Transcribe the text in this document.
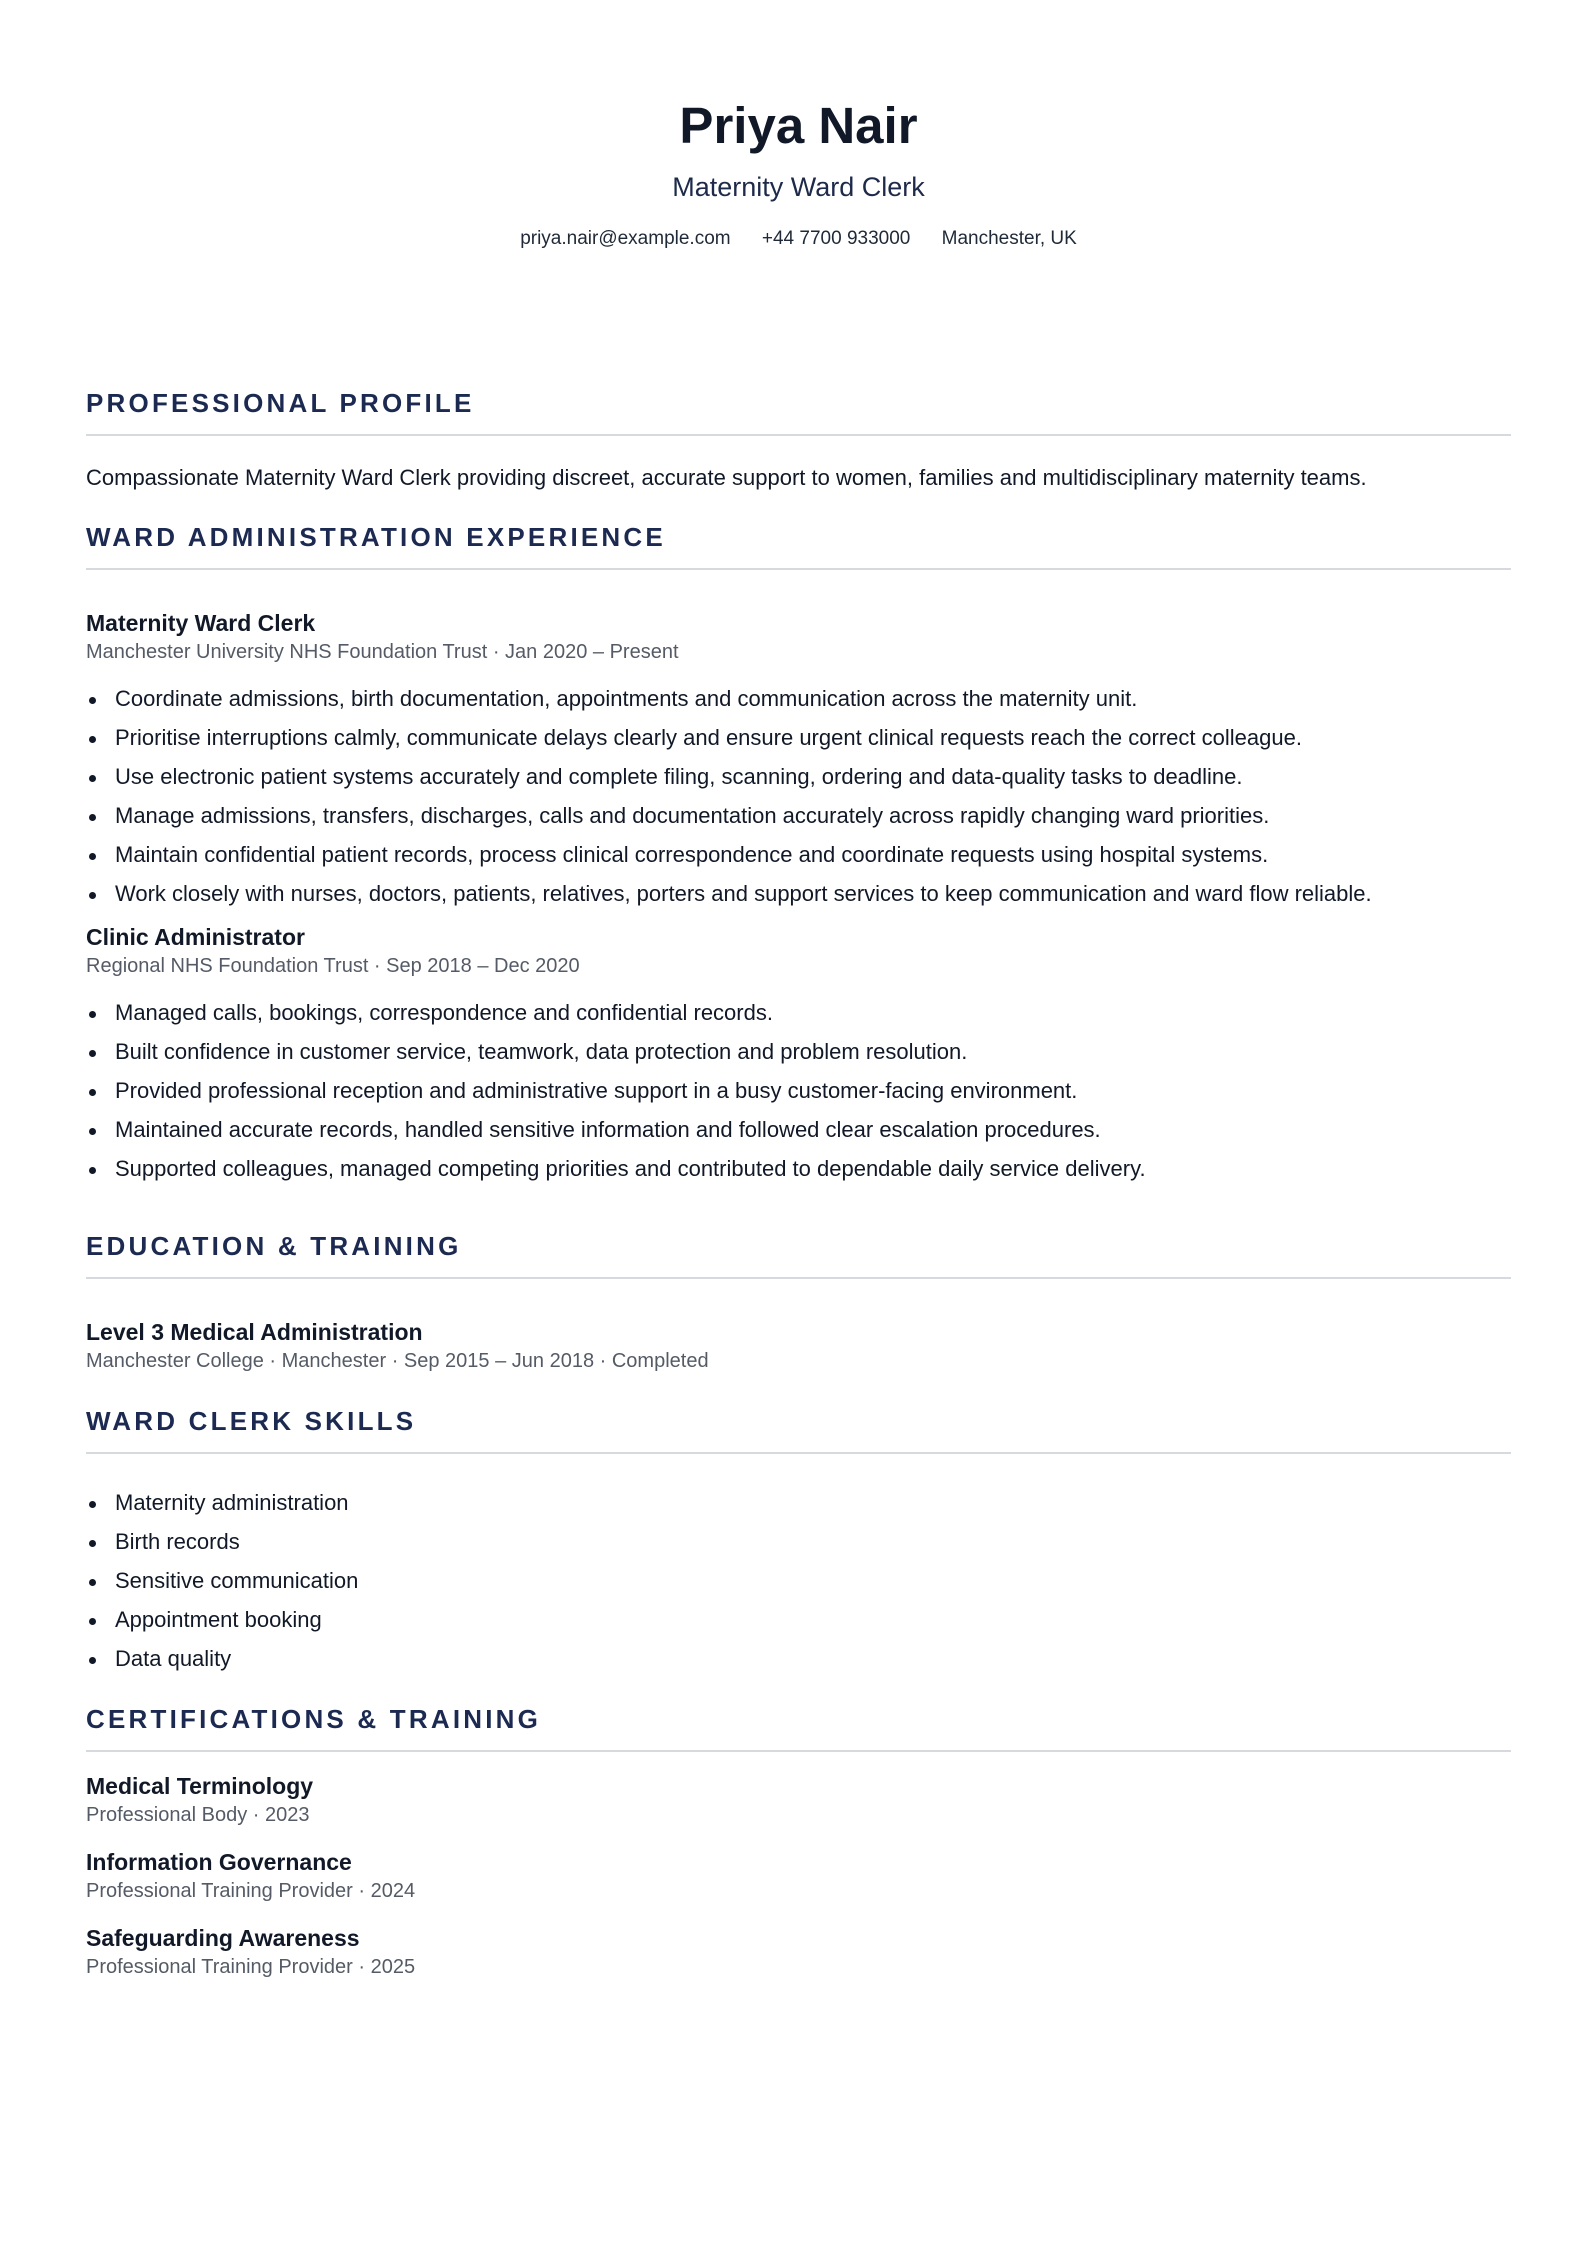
Priya Nair
Maternity Ward Clerk
priya.nair@example.com +44 7700 933000 Manchester, UK
PROFESSIONAL PROFILE
Compassionate Maternity Ward Clerk providing discreet, accurate support to women, families and multidisciplinary maternity teams.
WARD ADMINISTRATION EXPERIENCE
Maternity Ward Clerk
Manchester University NHS Foundation Trust · Jan 2020 – Present
Coordinate admissions, birth documentation, appointments and communication across the maternity unit.
Prioritise interruptions calmly, communicate delays clearly and ensure urgent clinical requests reach the correct colleague.
Use electronic patient systems accurately and complete filing, scanning, ordering and data-quality tasks to deadline.
Manage admissions, transfers, discharges, calls and documentation accurately across rapidly changing ward priorities.
Maintain confidential patient records, process clinical correspondence and coordinate requests using hospital systems.
Work closely with nurses, doctors, patients, relatives, porters and support services to keep communication and ward flow reliable.
Clinic Administrator
Regional NHS Foundation Trust · Sep 2018 – Dec 2020
Managed calls, bookings, correspondence and confidential records.
Built confidence in customer service, teamwork, data protection and problem resolution.
Provided professional reception and administrative support in a busy customer-facing environment.
Maintained accurate records, handled sensitive information and followed clear escalation procedures.
Supported colleagues, managed competing priorities and contributed to dependable daily service delivery.
EDUCATION & TRAINING
Level 3 Medical Administration
Manchester College · Manchester · Sep 2015 – Jun 2018 · Completed
WARD CLERK SKILLS
Maternity administration
Birth records
Sensitive communication
Appointment booking
Data quality
CERTIFICATIONS & TRAINING
Medical Terminology
Professional Body · 2023
Information Governance
Professional Training Provider · 2024
Safeguarding Awareness
Professional Training Provider · 2025
